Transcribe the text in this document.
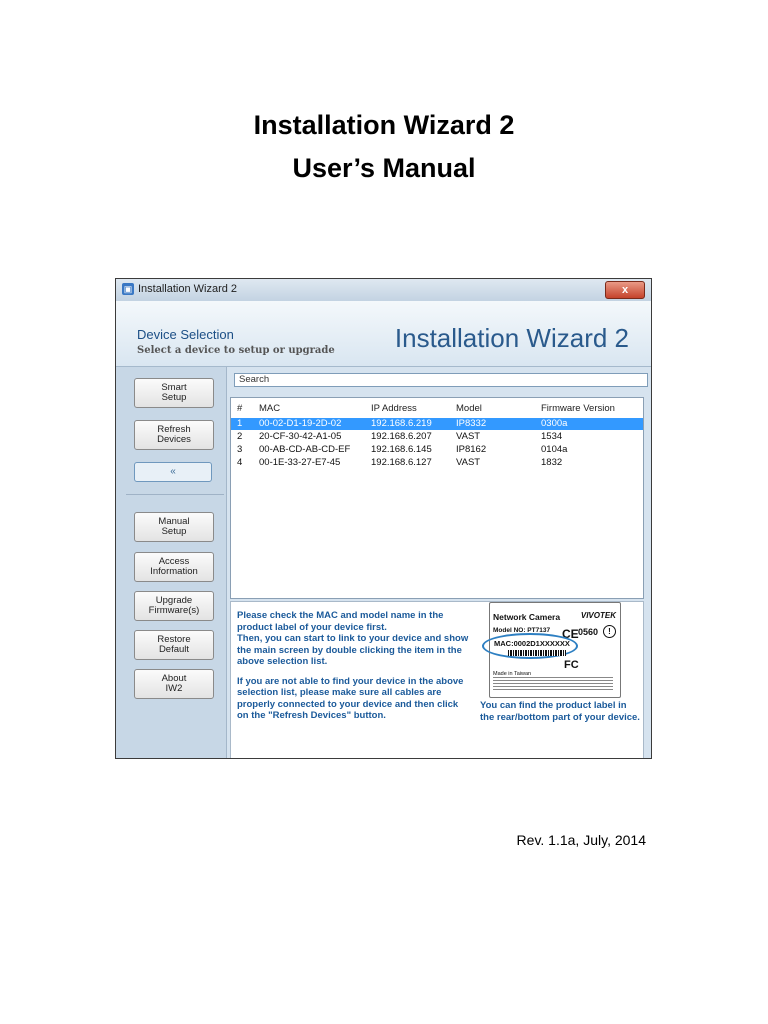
Installation Wizard 2
User’s Manual
▣ Installation Wizard 2	x
Device Selection
Select a device to setup or upgrade Installation Wizard 2
Smart
Setup
Refresh
Devices
«
Manual
Setup
Access
Information
Upgrade
Firmware(s)
Restore
Default
About
IW2
Search
# MAC	IP Address	Model	Firmware Version
1 00-02-D1-19-2D-02	192.168.6.219	IP8332	0300a
2 20-CF-30-42-A1-05	192.168.6.207	VAST	1534
3 00-AB-CD-AB-CD-EF 192.168.6.145	IP8162	0104a
4 00-1E-33-27-E7-45	192.168.6.127	VAST	1832

Please check the MAC and model name in the product label of your device first.
Then, you can start to link to your device and show the main screen by double clicking the item in the above selection list.

If you are not able to find your device in the above selection list, please make sure all cables are properly connected to your device and then click on the "Refresh Devices" button.

Network Camera	VIVOTEK
Model NO: PT7137 CE 0560	!
MAC:0002D1XXXXXX
FC
Made in Taiwan
You can find the product label in the rear/bottom part of your device.
Rev. 1.1a, July, 2014
